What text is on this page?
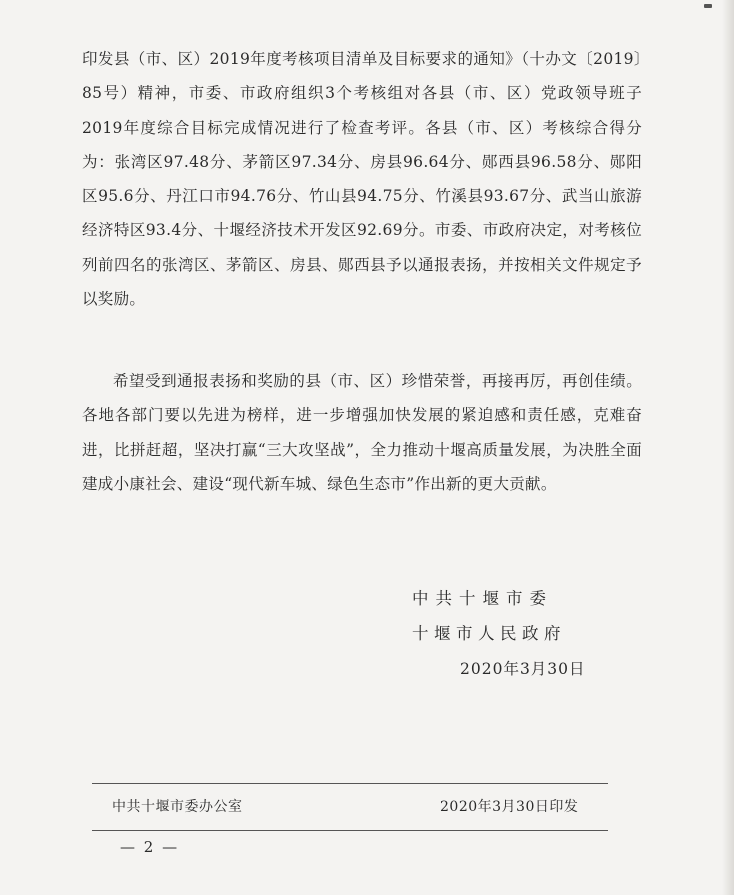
印发县（市、区）2019年度考核项目清单及目标要求的通知》（十办文〔2019〕85号）精神，市委、市政府组织3个考核组对各县（市、区）党政领导班子2019年度综合目标完成情况进行了检查考评。各县（市、区）考核综合得分为：张湾区97.48分、茅箭区97.34分、房县96.64分、郧西县96.58分、郧阳区95.6分、丹江口市94.76分、竹山县94.75分、竹溪县93.67分、武当山旅游经济特区93.4分、十堰经济技术开发区92.69分。市委、市政府决定，对考核位列前四名的张湾区、茅箭区、房县、郧西县予以通报表扬，并按相关文件规定予以奖励。

希望受到通报表扬和奖励的县（市、区）珍惜荣誉，再接再厉，再创佳绩。各地各部门要以先进为榜样，进一步增强加快发展的紧迫感和责任感，克难奋进，比拼赶超，坚决打赢“三大攻坚战”，全力推动十堰高质量发展，为决胜全面建成小康社会、建设“现代新车城、绿色生态市”作出新的更大贡献。

中共十堰市委

十堰市人民政府

2020年3月30日

中共十堰市委办公室	2020年3月30日印发

— 2 —
